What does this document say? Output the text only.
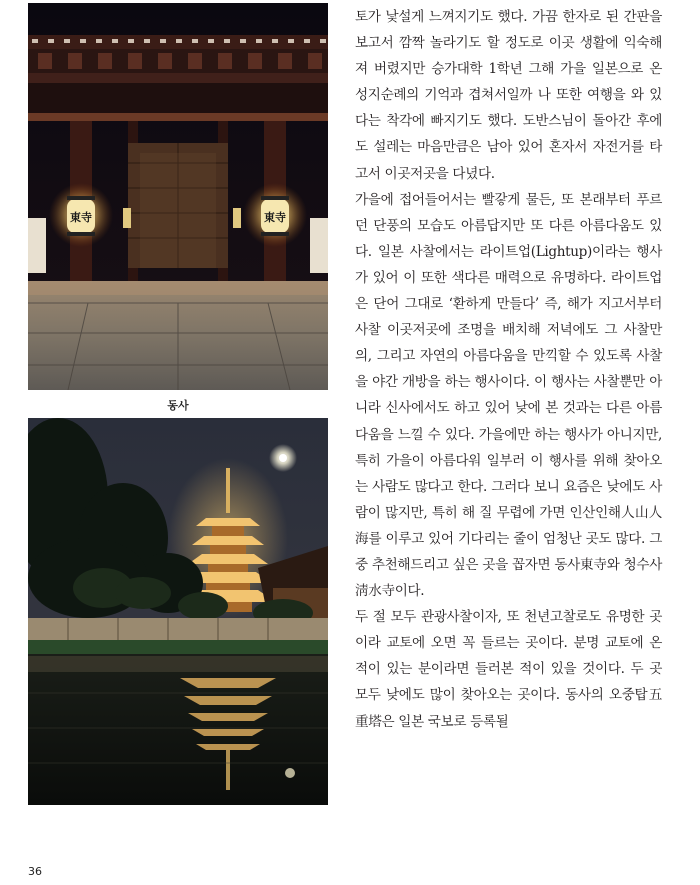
東寺	東寺
동사

토가 낯설게 느껴지기도 했다. 가끔 한자로 된 간판을 보고서 깜짝 놀라기도 할 정도로 이곳 생활에 익숙해져 버렸지만 승가대학 1학년 그해 가을 일본으로 온 성지순례의 기억과 겹쳐서일까 나 또한 여행을 와 있다는 착각에 빠지기도 했다. 도반스님이 돌아간 후에도 설레는 마음만큼은 남아 있어 혼자서 자전거를 타고서 이곳저곳을 다녔다.

가을에 접어들어서는 빨갛게 물든, 또 본래부터 푸르던 단풍의 모습도 아름답지만 또 다른 아름다움도 있다. 일본 사찰에서는 라이트업(Lightup)이라는 행사가 있어 이 또한 색다른 매력으로 유명하다. 라이트업은 단어 그대로 ‘환하게 만들다’ 즉, 해가 지고서부터 사찰 이곳저곳에 조명을 배치해 저녁에도 그 사찰만의, 그리고 자연의 아름다움을 만끽할 수 있도록 사찰을 야간 개방을 하는 행사이다. 이 행사는 사찰뿐만 아니라 신사에서도 하고 있어 낮에 본 것과는 다른 아름다움을 느낄 수 있다. 가을에만 하는 행사가 아니지만, 특히 가을이 아름다워 일부러 이 행사를 위해 찾아오는 사람도 많다고 한다. 그러다 보니 요즘은 낮에도 사람이 많지만, 특히 해 질 무렵에 가면 인산인해人山人海를 이루고 있어 기다리는 줄이 엄청난 곳도 많다. 그중 추천해드리고 싶은 곳을 꼽자면 동사東寺와 청수사淸水寺이다.

두 절 모두 관광사찰이자, 또 천년고찰로도 유명한 곳이라 교토에 오면 꼭 들르는 곳이다. 분명 교토에 온 적이 있는 분이라면 들러본 적이 있을 것이다. 두 곳 모두 낮에도 많이 찾아오는 곳이다. 동사의 오중탑五重塔은 일본 국보로 등록될

36
